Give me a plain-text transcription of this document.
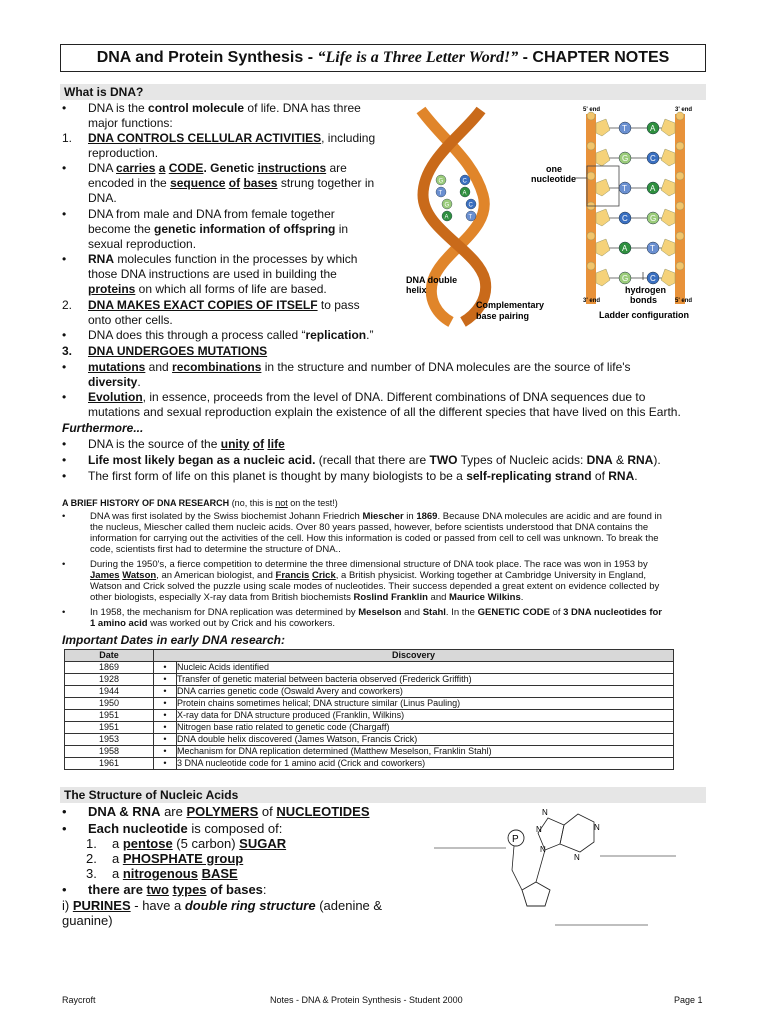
DNA and Protein Synthesis - “Life is a Three Letter Word!” - CHAPTER NOTES
What is DNA?
•	DNA is the control molecule of life. DNA has three
major functions:
1.	DNA CONTROLS CELLULAR ACTIVITIES, including
reproduction.
•	DNA carries a CODE. Genetic instructions are
encoded in the sequence of bases strung together in
DNA.
•	DNA from male and DNA from female together
become the genetic information of offspring in
sexual reproduction.
•	RNA molecules function in the processes by which
those DNA instructions are used in building the
proteins on which all forms of life are based.
2.	DNA MAKES EXACT COPIES OF ITSELF to pass
onto other cells.
•	DNA does this through a process called “replication.”
3.	DNA UNDERGOES MUTATIONS
•	mutations and recombinations in the structure and number of DNA molecules are the source of life's
diversity.
•	Evolution, in essence, proceeds from the level of DNA. Different combinations of DNA sequences due to
mutations and sexual reproduction explain the existence of all the different species that have lived on this Earth.
Furthermore...
•	DNA is the source of the unity of life
•	Life most likely began as a nucleic acid. (recall that there are TWO Types of Nucleic acids: DNA & RNA).
•	The first form of life on this planet is thought by many biologists to be a self-replicating strand of RNA.
G	C
T	A
G	C
A	T
T	A
G	C
T	A
C	G
A	T
G	C
5' end	3' end
3' end	5' end
one
nucleotide
DNA double
helix
Complementary
base pairing
hydrogen
bonds
Ladder configuration
A BRIEF HISTORY OF DNA RESEARCH (no, this is not on the test!)
•	DNA was first isolated by the Swiss biochemist Johann Friedrich Miescher in 1869. Because DNA molecules are acidic and are found in
the nucleus, Miescher called them nucleic acids. Over 80 years passed, however, before scientists understood that DNA contains the
information for carrying out the activities of the cell. How this information is coded or passed from cell to cell was unknown. To break the
code, scientists first had to determine the structure of DNA..
•	During the 1950's, a fierce competition to determine the three dimensional structure of DNA took place. The race was won in 1953 by
James Watson, an American biologist, and Francis Crick, a British physicist. Working together at Cambridge University in England,
Watson and Crick solved the puzzle using scale modes of nucleotides. Their success depended a great extent on evidence collected by
other biologists, especially X-ray data from British biochemists Roslind Franklin and Maurice Wilkins.
•	In 1958, the mechanism for DNA replication was determined by Meselson and Stahl. In the GENETIC CODE of 3 DNA nucleotides for
1 amino acid was worked out by Crick and his coworkers.
Important Dates in early DNA research:
Date	Discovery	
1869	•	Nucleic Acids identified
1928	•	Transfer of genetic material between bacteria observed (Frederick Griffith)
1944	•	DNA carries genetic code (Oswald Avery and coworkers)
1950	•	Protein chains sometimes helical; DNA structure similar (Linus Pauling)
1951	•	X-ray data for DNA structure produced (Franklin, Wilkins)
1951	•	Nitrogen base ratio related to genetic code (Chargaff)
1953	•	DNA double helix discovered (James Watson, Francis Crick)
1958	•	Mechanism for DNA replication determined (Matthew Meselson, Franklin Stahl)
1961	•	3 DNA nucleotide code for 1 amino acid (Crick and coworkers)
The Structure of Nucleic Acids
•	DNA & RNA are POLYMERS of NUCLEOTIDES
•	Each nucleotide is composed of:
1.	a pentose (5 carbon) SUGAR
2.	a PHOSPHATE group
3.	a nitrogenous BASE
•	there are two types of bases:
i) PURINES - have a double ring structure (adenine &
guanine)
P
N
N	N
N
N
Raycroft	Notes - DNA & Protein Synthesis - Student 2000	Page 1
